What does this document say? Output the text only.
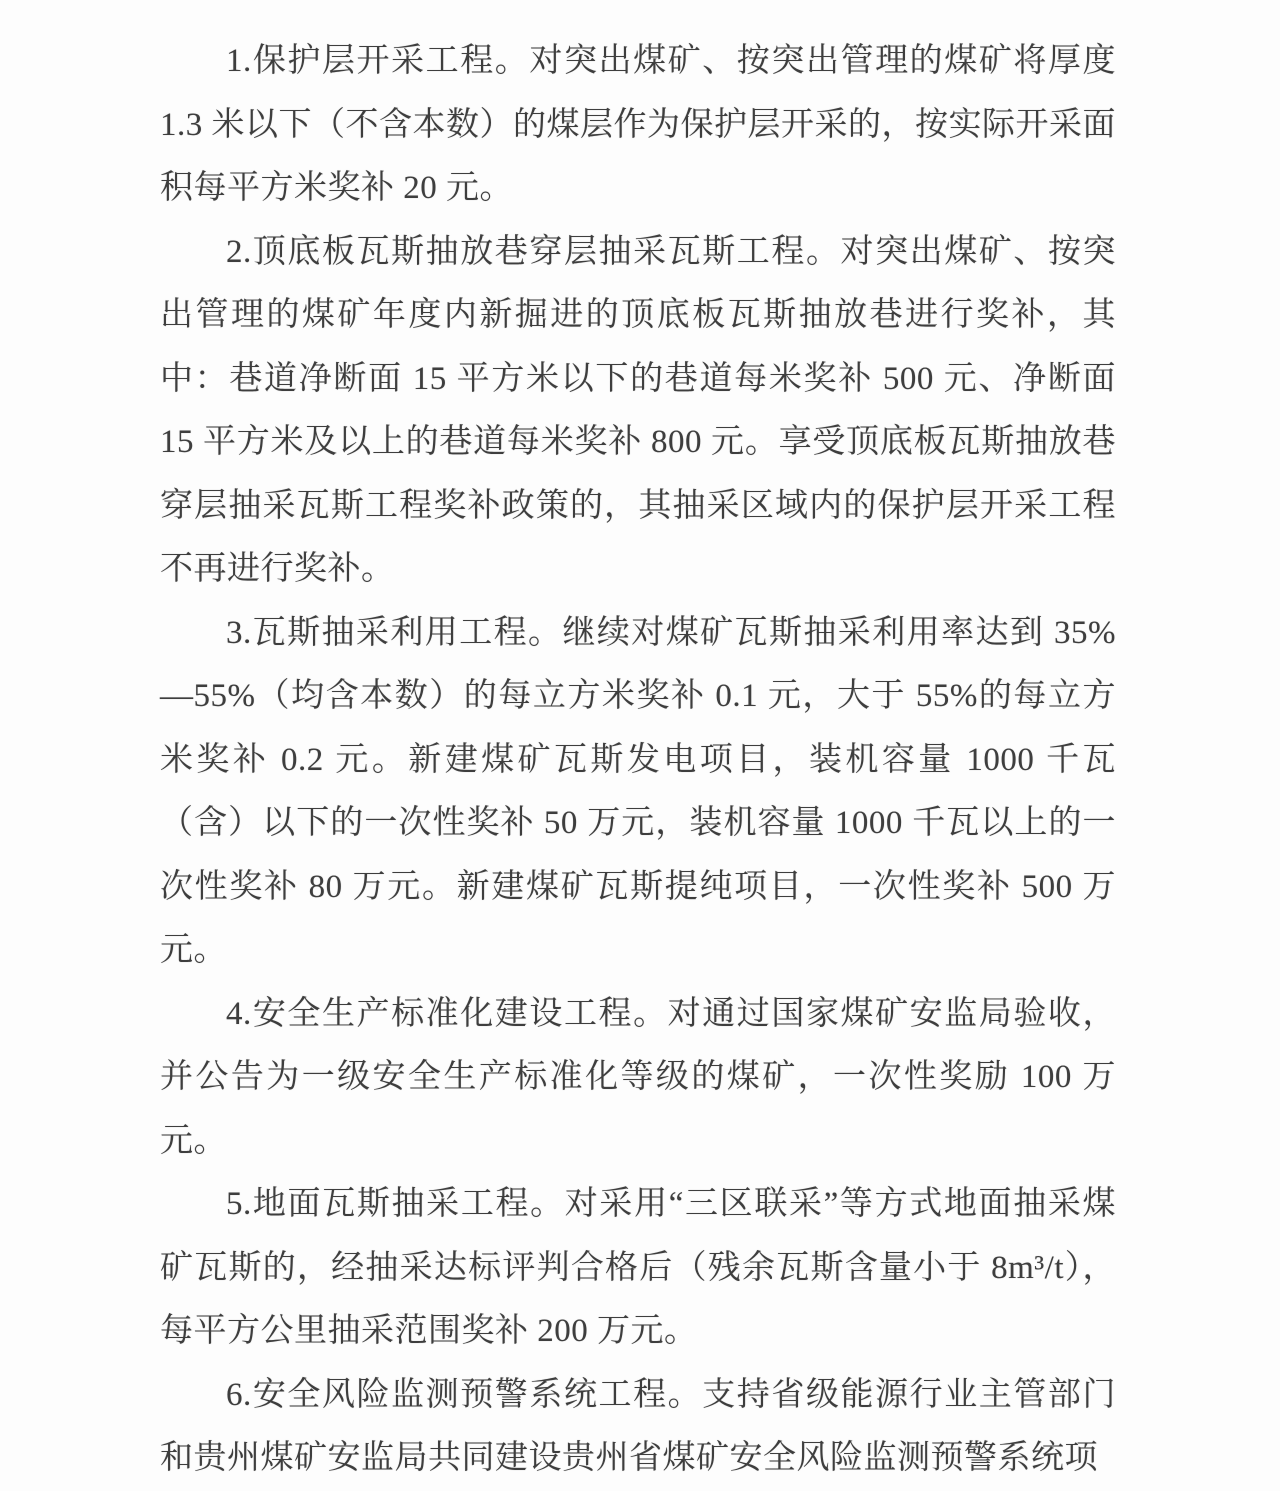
1.保护层开采工程。对突出煤矿、按突出管理的煤矿将厚度 1.3 米以下（不含本数）的煤层作为保护层开采的，按实际开采面积每平方米奖补 20 元。

2.顶底板瓦斯抽放巷穿层抽采瓦斯工程。对突出煤矿、按突出管理的煤矿年度内新掘进的顶底板瓦斯抽放巷进行奖补，其中：巷道净断面 15 平方米以下的巷道每米奖补 500 元、净断面 15 平方米及以上的巷道每米奖补 800 元。享受顶底板瓦斯抽放巷穿层抽采瓦斯工程奖补政策的，其抽采区域内的保护层开采工程不再进行奖补。

3.瓦斯抽采利用工程。继续对煤矿瓦斯抽采利用率达到 35%—55%（均含本数）的每立方米奖补 0.1 元，大于 55%的每立方米奖补 0.2 元。新建煤矿瓦斯发电项目，装机容量 1000 千瓦（含）以下的一次性奖补 50 万元，装机容量 1000 千瓦以上的一次性奖补 80 万元。新建煤矿瓦斯提纯项目，一次性奖补 500 万元。

4.安全生产标准化建设工程。对通过国家煤矿安监局验收，并公告为一级安全生产标准化等级的煤矿，一次性奖励 100 万元。

5.地面瓦斯抽采工程。对采用“三区联采”等方式地面抽采煤矿瓦斯的，经抽采达标评判合格后（残余瓦斯含量小于 8m³/t），每平方公里抽采范围奖补 200 万元。

6.安全风险监测预警系统工程。支持省级能源行业主管部门和贵州煤矿安监局共同建设贵州省煤矿安全风险监测预警系统项
